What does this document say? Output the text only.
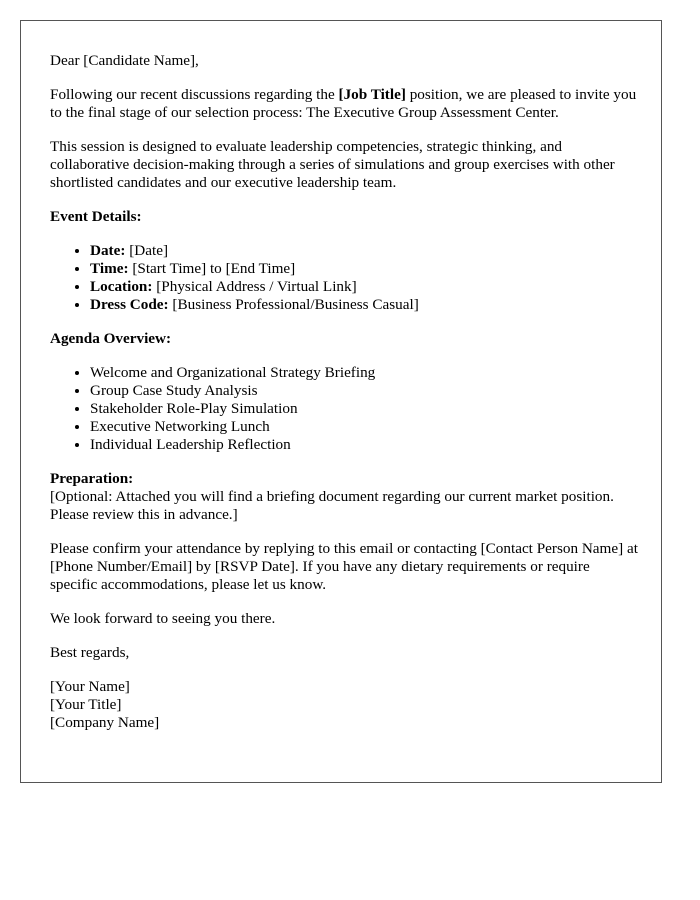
Dear [Candidate Name],

Following our recent discussions regarding the [Job Title] position, we are pleased to invite you to the final stage of our selection process: The Executive Group Assessment Center.

This session is designed to evaluate leadership competencies, strategic thinking, and collaborative decision-making through a series of simulations and group exercises with other shortlisted candidates and our executive leadership team.

Event Details:

• Date: [Date]
• Time: [Start Time] to [End Time]
• Location: [Physical Address / Virtual Link]
• Dress Code: [Business Professional/Business Casual]

Agenda Overview:

• Welcome and Organizational Strategy Briefing
• Group Case Study Analysis
• Stakeholder Role-Play Simulation
• Executive Networking Lunch
• Individual Leadership Reflection

Preparation:
[Optional: Attached you will find a briefing document regarding our current market position. Please review this in advance.]

Please confirm your attendance by replying to this email or contacting [Contact Person Name] at [Phone Number/Email] by [RSVP Date]. If you have any dietary requirements or require specific accommodations, please let us know.

We look forward to seeing you there.

Best regards,

[Your Name]
[Your Title]
[Company Name]
